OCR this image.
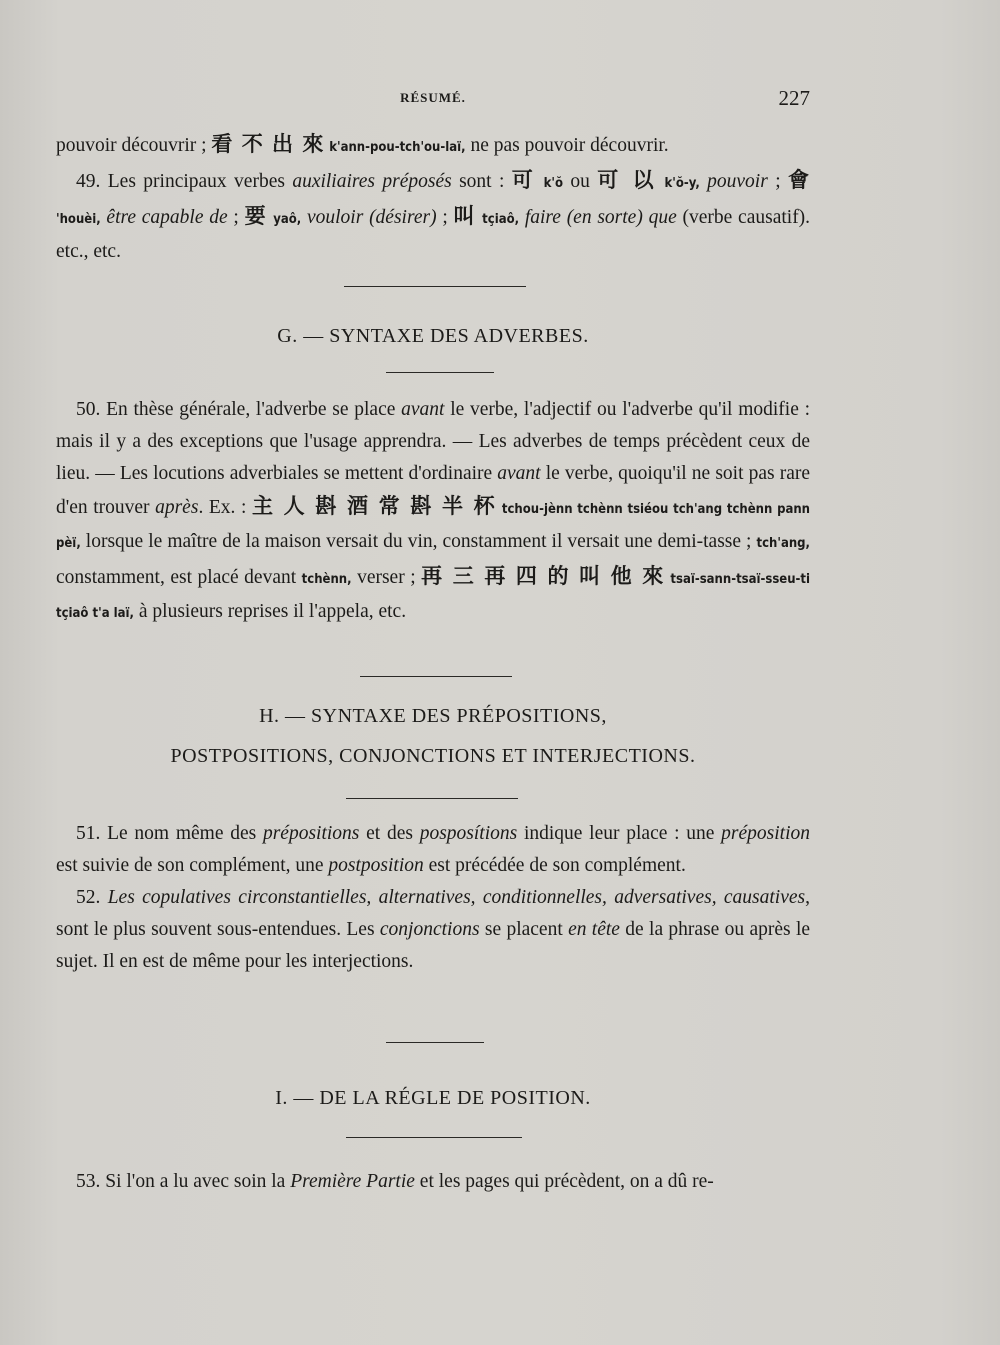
RÉSUMÉ.	227

pouvoir découvrir ; 看 不 出 來 k'ann-pou-tch'ou-laï, ne pas pouvoir découvrir.

49. Les principaux verbes auxiliaires préposés sont : 可 k'ŏ ou 可 以 k'ŏ-y, pouvoir ; 會 'houèi, être capable de ; 要 yaô, vouloir (désirer) ; 叫 tçiaô, faire (en sorte) que (verbe causatif). etc., etc.

G. — SYNTAXE DES ADVERBES.

50. En thèse générale, l'adverbe se place avant le verbe, l'adjectif ou l'adverbe qu'il modifie : mais il y a des exceptions que l'usage apprendra. — Les adverbes de temps précèdent ceux de lieu. — Les locutions adverbiales se mettent d'ordinaire avant le verbe, quoiqu'il ne soit pas rare d'en trouver après. Ex. : 主 人 斟 酒 常 斟 半 杯 tchou-jènn tchènn tsiéou tch'ang tchènn pann pèï, lorsque le maître de la maison versait du vin, constamment il versait une demi-tasse ; tch'ang, constamment, est placé devant tchènn, verser ; 再 三 再 四 的 叫 他 來 tsaï-sann-tsaï-sseu-ti tçiaô t'a laï, à plusieurs reprises il l'appela, etc.

H. — SYNTAXE DES PRÉPOSITIONS,
POSTPOSITIONS, CONJONCTIONS ET INTERJECTIONS.

51. Le nom même des prépositions et des posposítions indique leur place : une préposition est suivie de son complément, une postposition est précédée de son complément.

52. Les copulatives circonstantielles, alternatives, conditionnelles, adversatives, causatives, sont le plus souvent sous-entendues. Les conjonctions se placent en tête de la phrase ou après le sujet. Il en est de même pour les interjections.

I. — DE LA RÉGLE DE POSITION.

53. Si l'on a lu avec soin la Première Partie et les pages qui précèdent, on a dû re-
